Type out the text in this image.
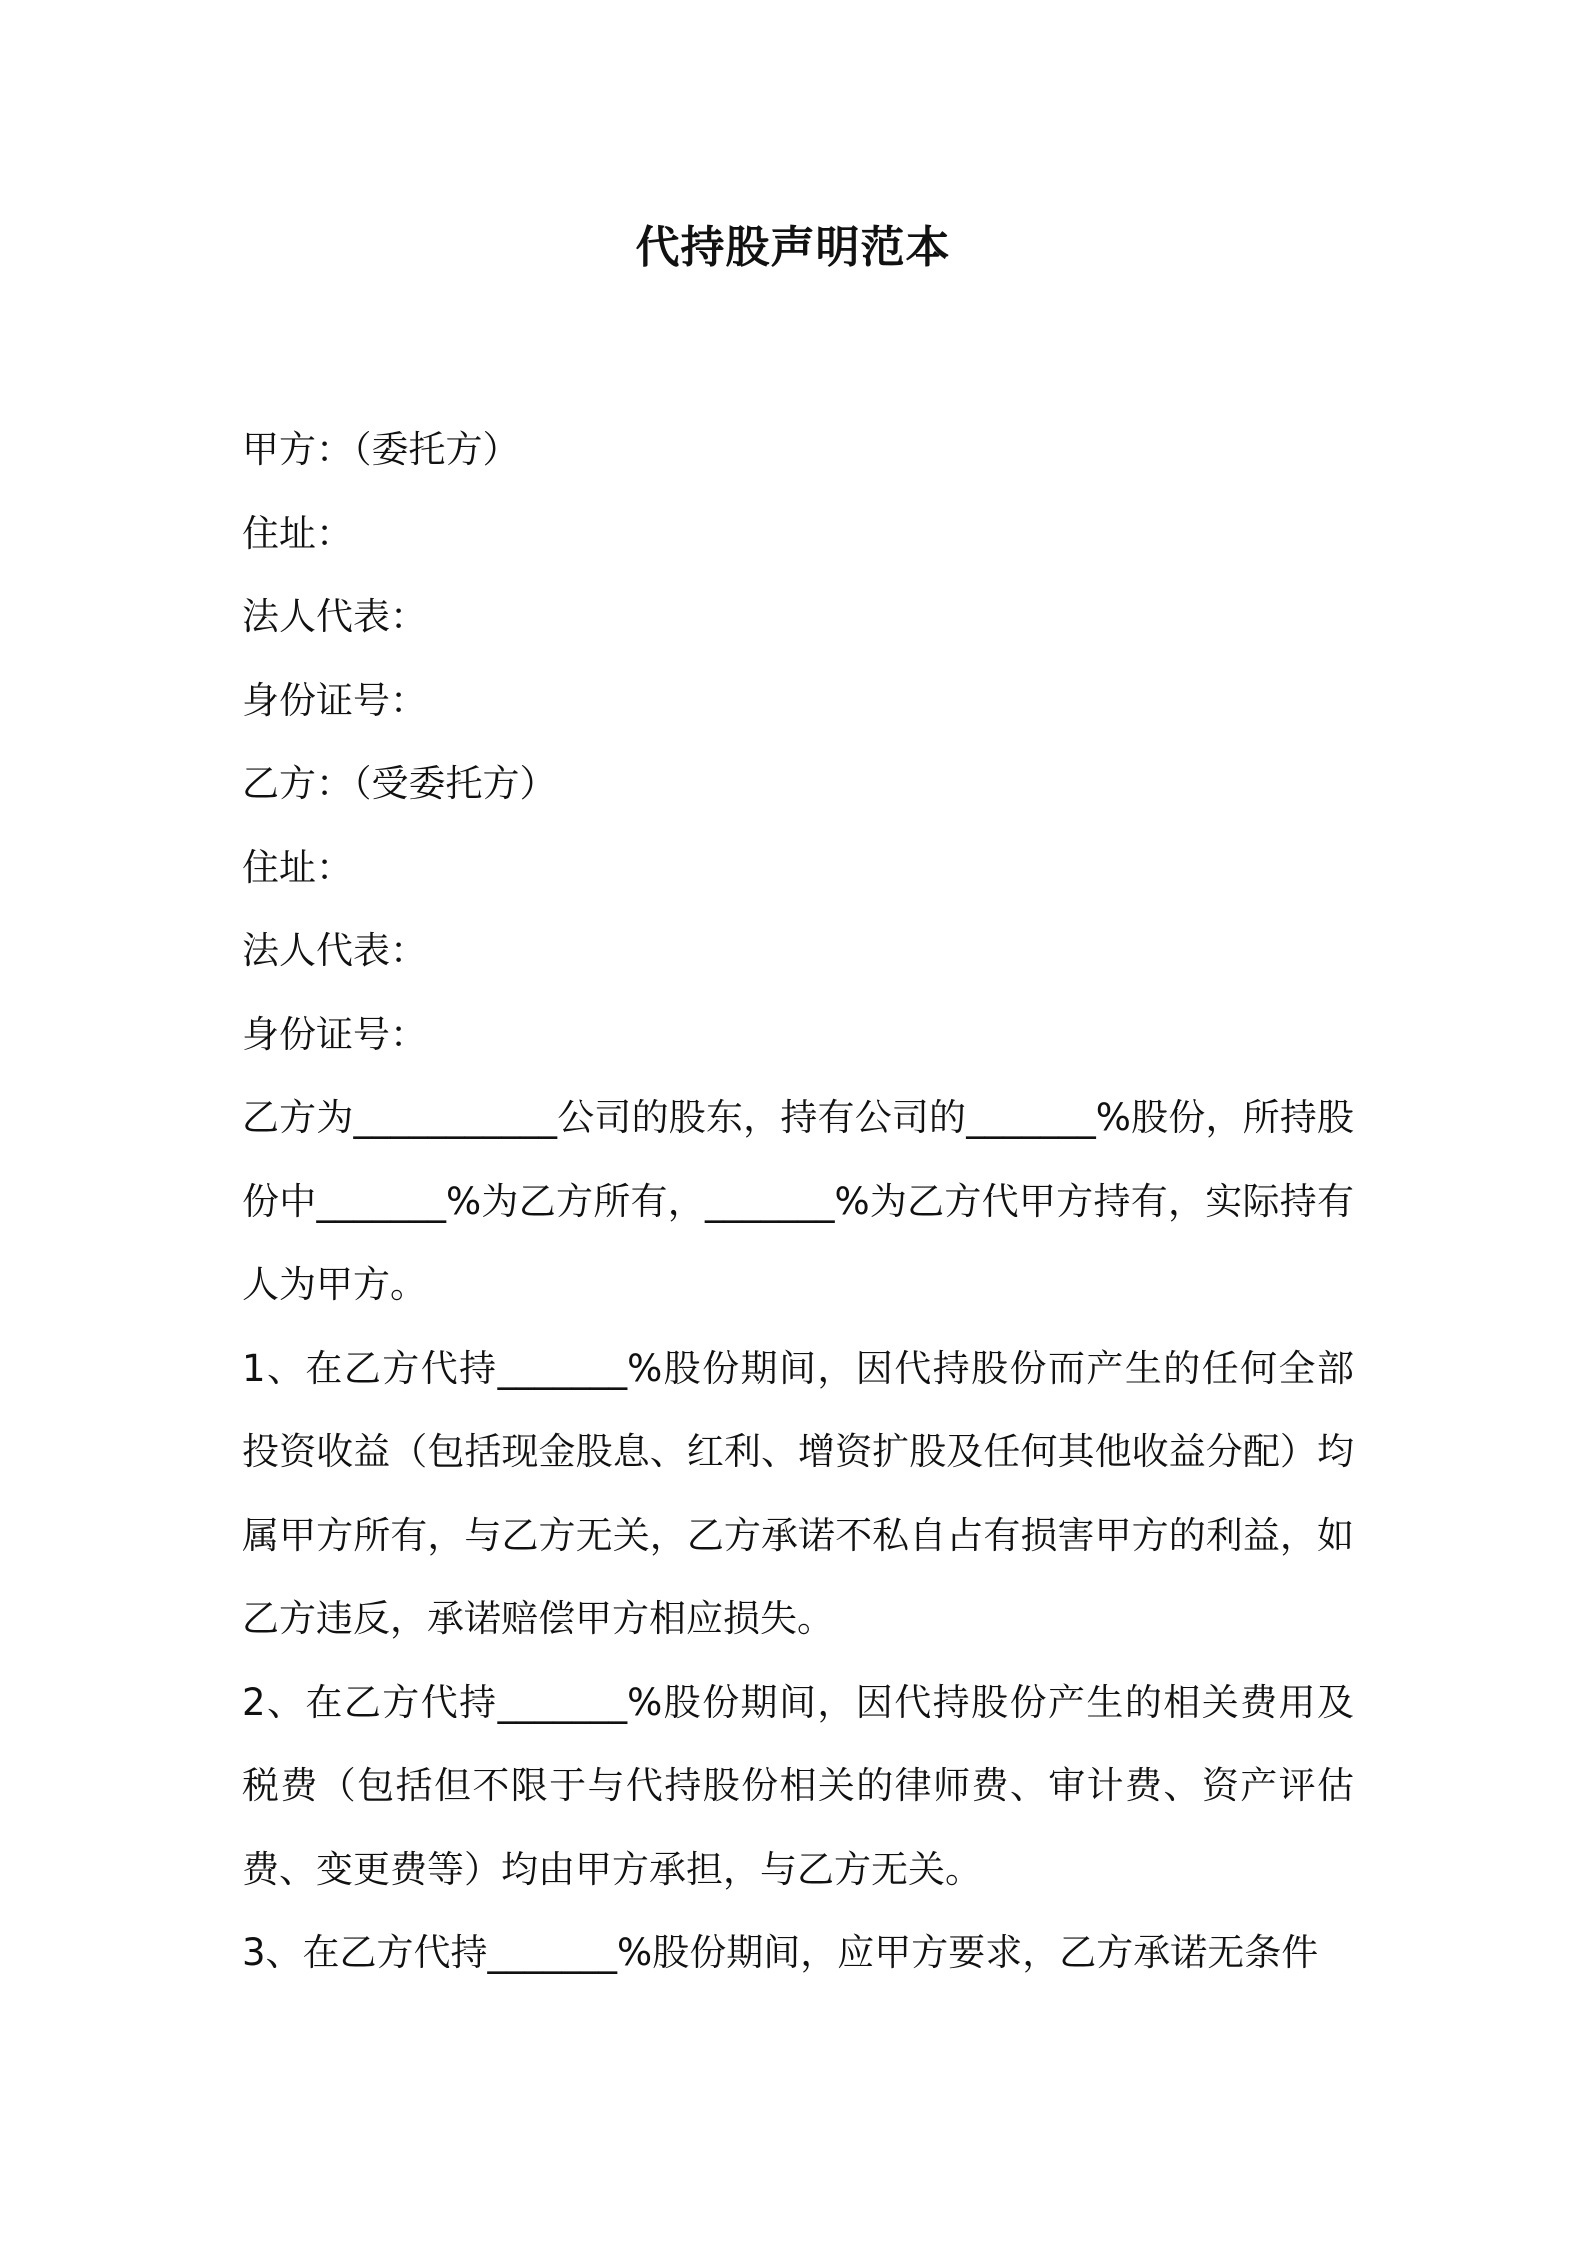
代持股声明范本

甲方：（委托方）

住址：

法人代表：

身份证号：

乙方：（受委托方）

住址：

法人代表：

身份证号：

乙方为___________公司的股东，持有公司的_______%股份，所持股份中_______%为乙方所有，_______%为乙方代甲方持有，实际持有人为甲方。

1、在乙方代持_______%股份期间，因代持股份而产生的任何全部投资收益（包括现金股息、红利、增资扩股及任何其他收益分配）均属甲方所有，与乙方无关，乙方承诺不私自占有损害甲方的利益，如乙方违反，承诺赔偿甲方相应损失。

2、在乙方代持_______%股份期间，因代持股份产生的相关费用及税费（包括但不限于与代持股份相关的律师费、审计费、资产评估费、变更费等）均由甲方承担，与乙方无关。

3、在乙方代持_______%股份期间，应甲方要求，乙方承诺无条件
